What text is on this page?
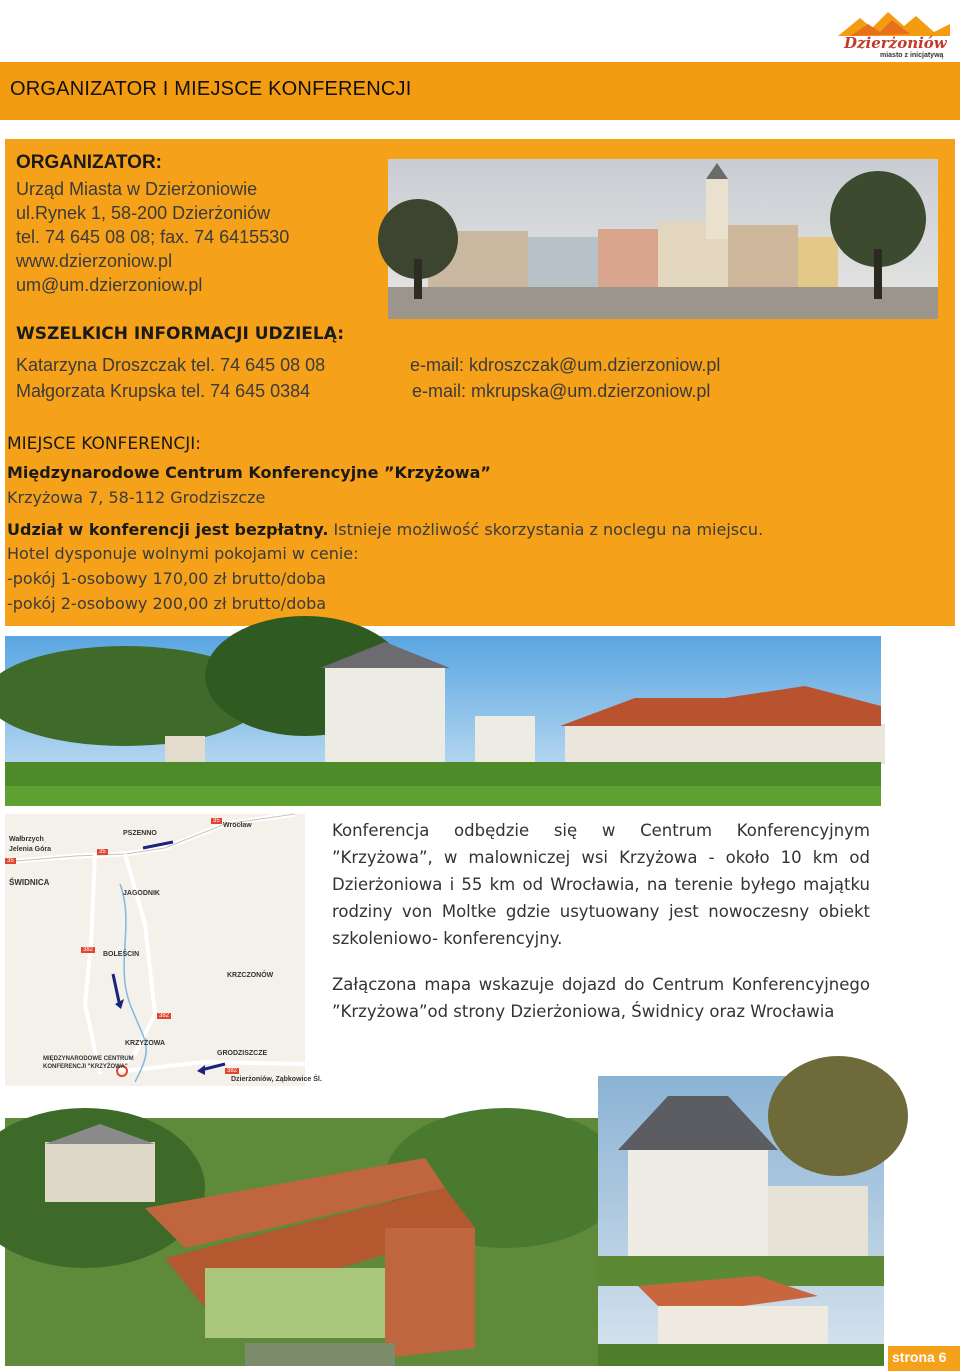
Dzierżoniów
miasto z inicjatywą
ORGANIZATOR I MIEJSCE KONFERENCJI
ORGANIZATOR:
Urząd Miasta w Dzierżoniowie
ul.Rynek 1, 58-200 Dzierżoniów
tel. 74 645 08 08; fax. 74 6415530
www.dzierzoniow.pl
um@um.dzierzoniow.pl
WSZELKICH INFORMACJI UDZIELĄ:
Katarzyna Droszczak tel. 74 645 08 08	e-mail: kdroszczak@um.dzierzoniow.pl
Małgorzata Krupska tel. 74 645 0384	e-mail: mkrupska@um.dzierzoniow.pl
MIEJSCE KONFERENCJI:
Międzynarodowe Centrum Konferencyjne ”Krzyżowa”
Krzyżowa 7, 58-112 Grodziszcze
Udział w konferencji jest bezpłatny. Istnieje możliwość skorzystania z noclegu na miejscu.
Hotel dysponuje wolnymi pokojami w cenie:
-pokój 1-osobowy 170,00 zł brutto/doba
-pokój 2-osobowy 200,00 zł brutto/doba
Wałbrzych
Jelenia Góra
ŚWIDNICA
PSZENNO
Wrocław
JAGODNIK
BOLEŚCIN
KRZCZONÓW
KRZYŻOWA
GRODZISZCZE
MIĘDZYNARODOWE CENTRUM
KONFERENCJI "KRZYŻOWA"
Dzierżoniów, Ząbkowice Śl.
35
35
35
382
382
382
Konferencja odbędzie się w Centrum Konferencyjnym ”Krzyżowa”, w malowniczej wsi Krzyżowa - około 10 km od Dzierżoniowa i 55 km od Wrocławia, na terenie byłego majątku rodziny von Moltke gdzie usytuowany jest nowoczesny obiekt szkoleniowo- konferencyjny.
Załączona mapa wskazuje dojazd do Centrum Konferencyjnego ”Krzyżowa”od strony Dzierżoniowa, Świdnicy oraz Wrocławia
strona 6
